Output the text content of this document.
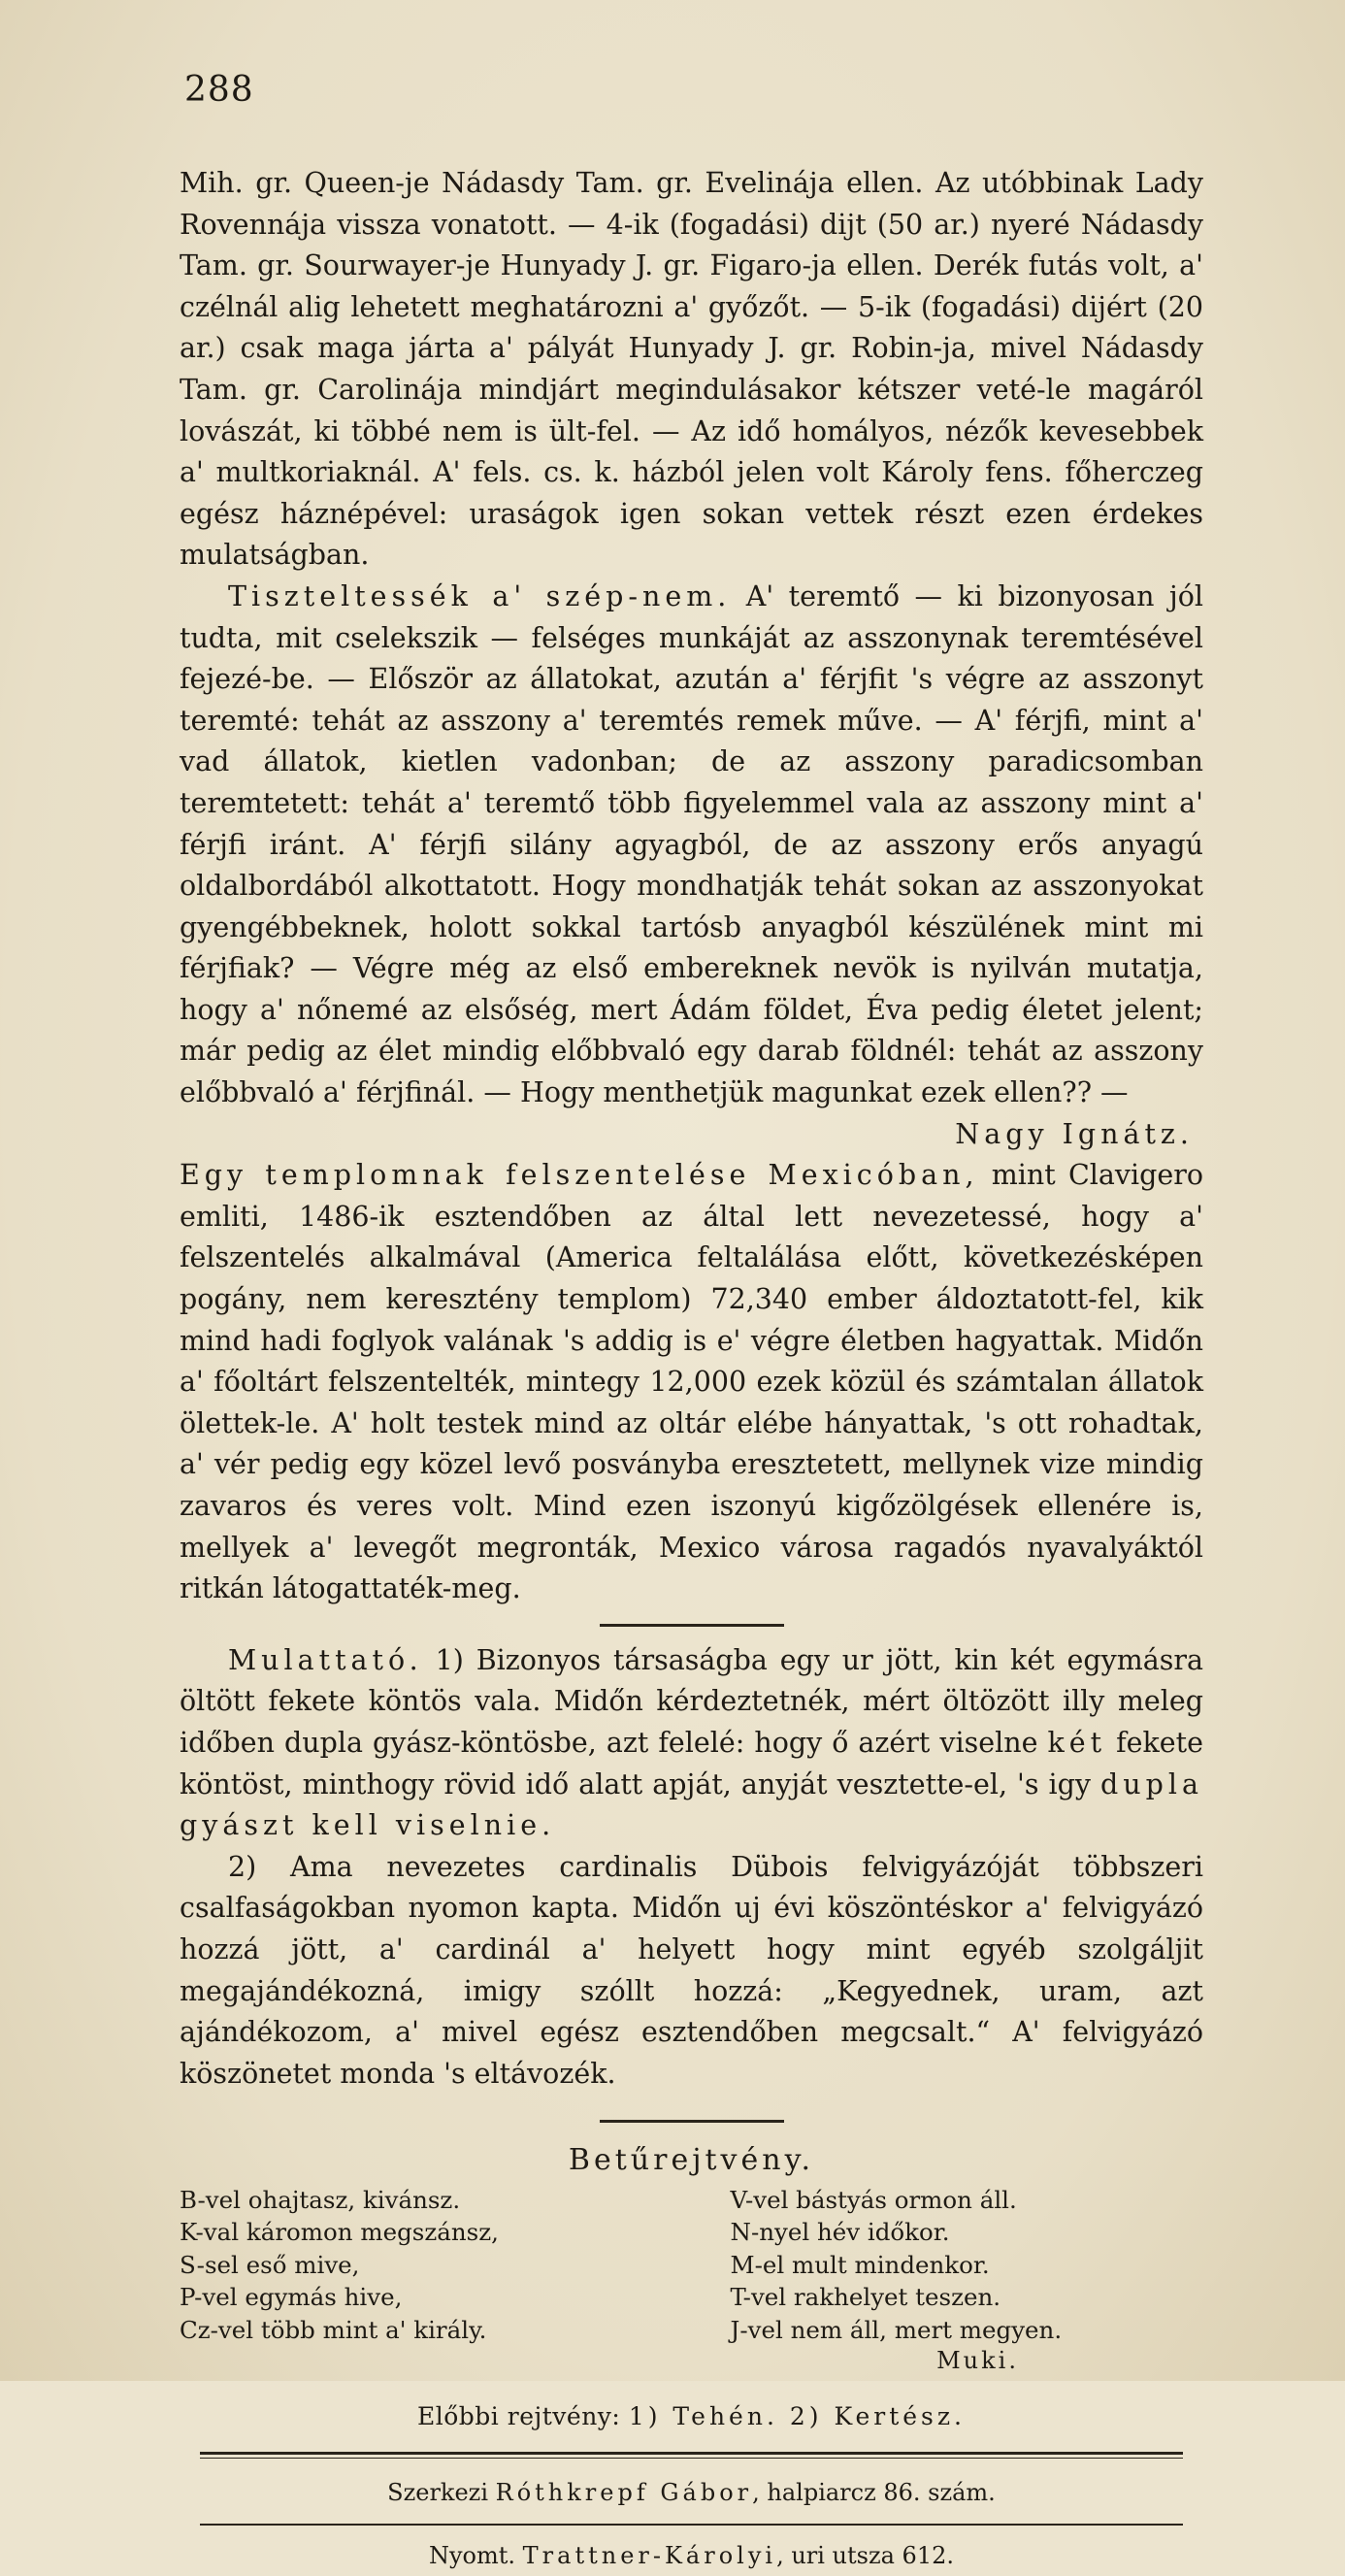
288

Mih. gr. Queen-je Nádasdy Tam. gr. Evelinája ellen. Az utóbbinak Lady Rovennája vissza vonatott. — 4-ik (fogadási) dijt (50 ar.) nyeré Nádasdy Tam. gr. Sourwayer-je Hunyady J. gr. Figaro-ja ellen. Derék futás volt, a' czélnál alig lehetett meghatározni a' győzőt. — 5-ik (fogadási) dijért (20 ar.) csak maga járta a' pályát Hunyady J. gr. Robin-ja, mivel Nádasdy Tam. gr. Carolinája mindjárt megindulásakor kétszer veté-le magáról lovászát, ki többé nem is ült-fel. — Az idő homályos, nézők kevesebbek a' multkoriaknál. A' fels. cs. k. házból jelen volt Károly fens. főherczeg egész háznépével: uraságok igen sokan vettek részt ezen érdekes mulatságban.

Tiszteltessék a' szép-nem. A' teremtő — ki bizonyosan jól tudta, mit cselekszik — felséges munkáját az asszonynak teremtésével fejezé-be. — Először az állatokat, azután a' férjfit 's végre az asszonyt teremté: tehát az asszony a' teremtés remek műve. — A' férjfi, mint a' vad állatok, kietlen vadonban; de az asszony paradicsomban teremtetett: tehát a' teremtő több figyelemmel vala az asszony mint a' férjfi iránt. A' férjfi silány agyagból, de az asszony erős anyagú oldalbordából alkottatott. Hogy mondhatják tehát sokan az asszonyokat gyengébbeknek, holott sokkal tartósb anyagból készülének mint mi férjfiak? — Végre még az első embereknek nevök is nyilván mutatja, hogy a' nőnemé az elsőség, mert Ádám földet, Éva pedig életet jelent; már pedig az élet mindig előbbvaló egy darab földnél: tehát az asszony előbbvaló a' férjfinál. — Hogy menthetjük magunkat ezek ellen?? —

Nagy Ignátz.

Egy templomnak felszentelése Mexicóban, mint Clavigero emliti, 1486-ik esztendőben az által lett nevezetessé, hogy a' felszentelés alkalmával (America feltalálása előtt, következésképen pogány, nem keresztény templom) 72,340 ember áldoztatott-fel, kik mind hadi foglyok valának 's addig is e' végre életben hagyattak. Midőn a' főoltárt felszentelték, mintegy 12,000 ezek közül és számtalan állatok ölettek-le. A' holt testek mind az oltár elébe hányattak, 's ott rohadtak, a' vér pedig egy közel levő posványba eresztetett, mellynek vize mindig zavaros és veres volt. Mind ezen iszonyú kigőzölgések ellenére is, mellyek a' levegőt megronták, Mexico városa ragadós nyavalyáktól ritkán látogattaték-meg.

Mulattató. 1) Bizonyos társaságba egy ur jött, kin két egymásra öltött fekete köntös vala. Midőn kérdeztetnék, mért öltözött illy meleg időben dupla gyász-köntösbe, azt felelé: hogy ő azért viselne két fekete köntöst, minthogy rövid idő alatt apját, anyját vesztette-el, 's igy dupla gyászt kell viselnie.

2) Ama nevezetes cardinalis Dübois felvigyázóját többszeri csalfaságokban nyomon kapta. Midőn uj évi köszöntéskor a' felvigyázó hozzá jött, a' cardinál a' helyett hogy mint egyéb szolgáljit megajándékozná, imigy szóllt hozzá: „Kegyednek, uram, azt ajándékozom, a' mivel egész esztendőben megcsalt.“ A' felvigyázó köszönetet monda 's eltávozék.

Betűrejtvény.
B-vel ohajtasz, kivánsz.
K-val káromon megszánsz,
S-sel eső mive,
P-vel egymás hive,
Cz-vel több mint a' király.
V-vel bástyás ormon áll.
N-nyel hév időkor.
M-el mult mindenkor.
T-vel rakhelyet teszen.
J-vel nem áll, mert megyen.
Muki.
Előbbi rejtvény: 1) Tehén. 2) Kertész.
Szerkezi Róthkrepf Gábor, halpiarcz 86. szám.
Nyomt. Trattner-Károlyi, uri utsza 612.
